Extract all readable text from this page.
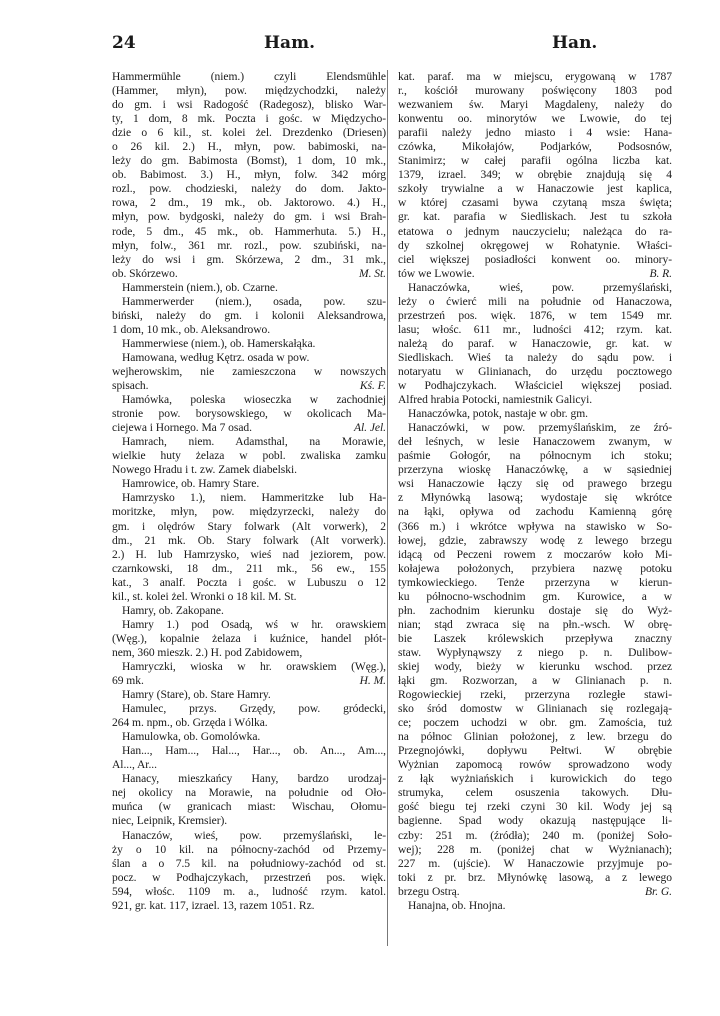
24	Ham.	Han.
Hammermühle (niem.) czyli Elendsmühle
(Hammer, młyn), pow. międzychodzki, należy
do gm. i wsi Radogość (Radegosz), blisko War-
ty, 1 dom, 8 mk. Poczta i gośc. w Międzycho-
dzie o 6 kil., st. kolei żel. Drezdenko (Driesen)
o 26 kil. 2.) H., młyn, pow. babimoski, na-
leży do gm. Babimosta (Bomst), 1 dom, 10 mk.,
ob. Babimost. 3.) H., młyn, folw. 342 mórg
rozl., pow. chodzieski, należy do dom. Jakto-
rowa, 2 dm., 19 mk., ob. Jaktorowo. 4.) H.,
młyn, pow. bydgoski, należy do gm. i wsi Brah-
rode, 5 dm., 45 mk., ob. Hammerhuta. 5.) H.,
młyn, folw., 361 mr. rozl., pow. szubiński, na-
leży do wsi i gm. Skórzewa, 2 dm., 31 mk.,
ob. Skórzewo.	M. St.
Hammerstein (niem.), ob. Czarne.
Hammerwerder (niem.), osada, pow. szu-
biński, należy do gm. i kolonii Aleksandrowa,
1 dom, 10 mk., ob. Aleksandrowo.
Hammerwiese (niem.), ob. Hamerskałąka.
Hamowana, według Kętrz. osada w pow.
wejherowskim, nie zamieszczona w nowszych
spisach.	Kś. F.
Hamówka, poleska wioseczka w zachodniej
stronie pow. borysowskiego, w okolicach Ma-
ciejewa i Hornego. Ma 7 osad.	Al. Jel.
Hamrach, niem. Adamsthal, na Morawie,
wielkie huty żelaza w pobl. zwaliska zamku
Nowego Hradu i t. zw. Zamek diabelski.
Hamrowice, ob. Hamry Stare.
Hamrzysko 1.), niem. Hammeritzke lub Ha-
moritzke, młyn, pow. międzyrzecki, należy do
gm. i olędrów Stary folwark (Alt vorwerk), 2
dm., 21 mk. Ob. Stary folwark (Alt vorwerk).
2.) H. lub Hamrzysko, wieś nad jeziorem, pow.
czarnkowski, 18 dm., 211 mk., 56 ew., 155
kat., 3 analf. Poczta i gośc. w Lubuszu o 12
kil., st. kolei żel. Wronki o 18 kil. M. St.
Hamry, ob. Zakopane.
Hamry 1.) pod Osadą, wś w hr. orawskiem
(Węg.), kopalnie żelaza i kuźnice, handel płót-
nem, 360 mieszk. 2.) H. pod Zabidowem,
Hamryczki, wioska w hr. orawskiem (Węg.),
69 mk.	H. M.
Hamry (Stare), ob. Stare Hamry.
Hamulec, przys. Grzędy, pow. gródecki,
264 m. npm., ob. Grzęda i Wólka.
Hamulowka, ob. Gomolówka.
Han..., Ham..., Hal..., Har..., ob. An..., Am...,
Al..., Ar...
Hanacy, mieszkańcy Hany, bardzo urodzaj-
nej okolicy na Morawie, na południe od Oło-
muńca (w granicach miast: Wischau, Ołomu-
niec, Leipnik, Kremsier).
Hanaczów, wieś, pow. przemyślański, le-
ży o 10 kil. na północny-zachód od Przemy-
ślan a o 7.5 kil. na południowy-zachód od st.
pocz. w Podhajczykach, przestrzeń pos. więk.
594, włośc. 1109 m. a., ludność rzym. katol.
921, gr. kat. 117, izrael. 13, razem 1051. Rz.
kat. paraf. ma w miejscu, erygowaną w 1787
r., kościół murowany poświęcony 1803 pod
wezwaniem św. Maryi Magdaleny, należy do
konwentu oo. minorytów we Lwowie, do tej
parafii należy jedno miasto i 4 wsie: Hana-
czówka, Mikołajów, Podjarków, Podsosnów,
Stanimirz; w całej parafii ogólna liczba kat.
1379, izrael. 349; w obrębie znajdują się 4
szkoły trywialne a w Hanaczowie jest kaplica,
w której czasami bywa czytaną msza święta;
gr. kat. parafia w Siedliskach. Jest tu szkoła
etatowa o jednym nauczycielu; należąca do ra-
dy szkolnej okręgowej w Rohatynie. Właści-
ciel większej posiadłości konwent oo. minory-
tów we Lwowie.	B. R.
Hanaczówka, wieś, pow. przemyślański,
leży o ćwierć mili na południe od Hanaczowa,
przestrzeń pos. więk. 1876, w tem 1549 mr.
lasu; włośc. 611 mr., ludności 412; rzym. kat.
należą do paraf. w Hanaczowie, gr. kat. w
Siedliskach. Wieś ta należy do sądu pow. i
notaryatu w Glinianach, do urzędu pocztowego
w Podhajczykach. Właściciel większej posiad.
Alfred hrabia Potocki, namiestnik Galicyi.
Hanaczówka, potok, nastaje w obr. gm.
Hanaczówki, w pow. przemyślańskim, ze źró-
deł leśnych, w lesie Hanaczowem zwanym, w
paśmie Gołogór, na północnym ich stoku;
przerzyna wioskę Hanaczówkę, a w sąsiedniej
wsi Hanaczowie łączy się od prawego brzegu
z Młynówką lasową; wydostaje się wkrótce
na łąki, opływa od zachodu Kamienną górę
(366 m.) i wkrótce wpływa na stawisko w So-
łowej, gdzie, zabrawszy wodę z lewego brzegu
idącą od Peczeni rowem z moczarów koło Mi-
kołajewa położonych, przybiera nazwę potoku
tymkowieckiego. Tenże przerzyna w kierun-
ku północno-wschodnim gm. Kurowice, a w
płn. zachodnim kierunku dostaje się do Wyż-
nian; stąd zwraca się na płn.-wsch. W obrę-
bie Laszek królewskich przepływa znaczny
staw. Wypłynąwszy z niego p. n. Dulibow-
skiej wody, bieży w kierunku wschod. przez
łąki gm. Rozworzan, a w Glinianach p. n.
Rogowieckiej rzeki, przerzyna rozległe stawi-
sko śród domostw w Glinianach się rozlegają-
ce; poczem uchodzi w obr. gm. Zamościa, tuż
na północ Glinian położonej, z lew. brzegu do
Przegnojówki, dopływu Pełtwi. W obrębie
Wyżnian zapomocą rowów sprowadzono wody
z łąk wyżniańskich i kurowickich do tego
strumyka, celem osuszenia takowych. Dłu-
gość biegu tej rzeki czyni 30 kil. Wody jej są
bagienne. Spad wody okazują następujące li-
czby: 251 m. (źródła); 240 m. (poniżej Soło-
wej); 228 m. (poniżej chat w Wyżnianach);
227 m. (ujście). W Hanaczowie przyjmuje po-
toki z pr. brz. Młynówkę lasową, a z lewego
brzegu Ostrą.	Br. G.
Hanajna, ob. Hnojna.
